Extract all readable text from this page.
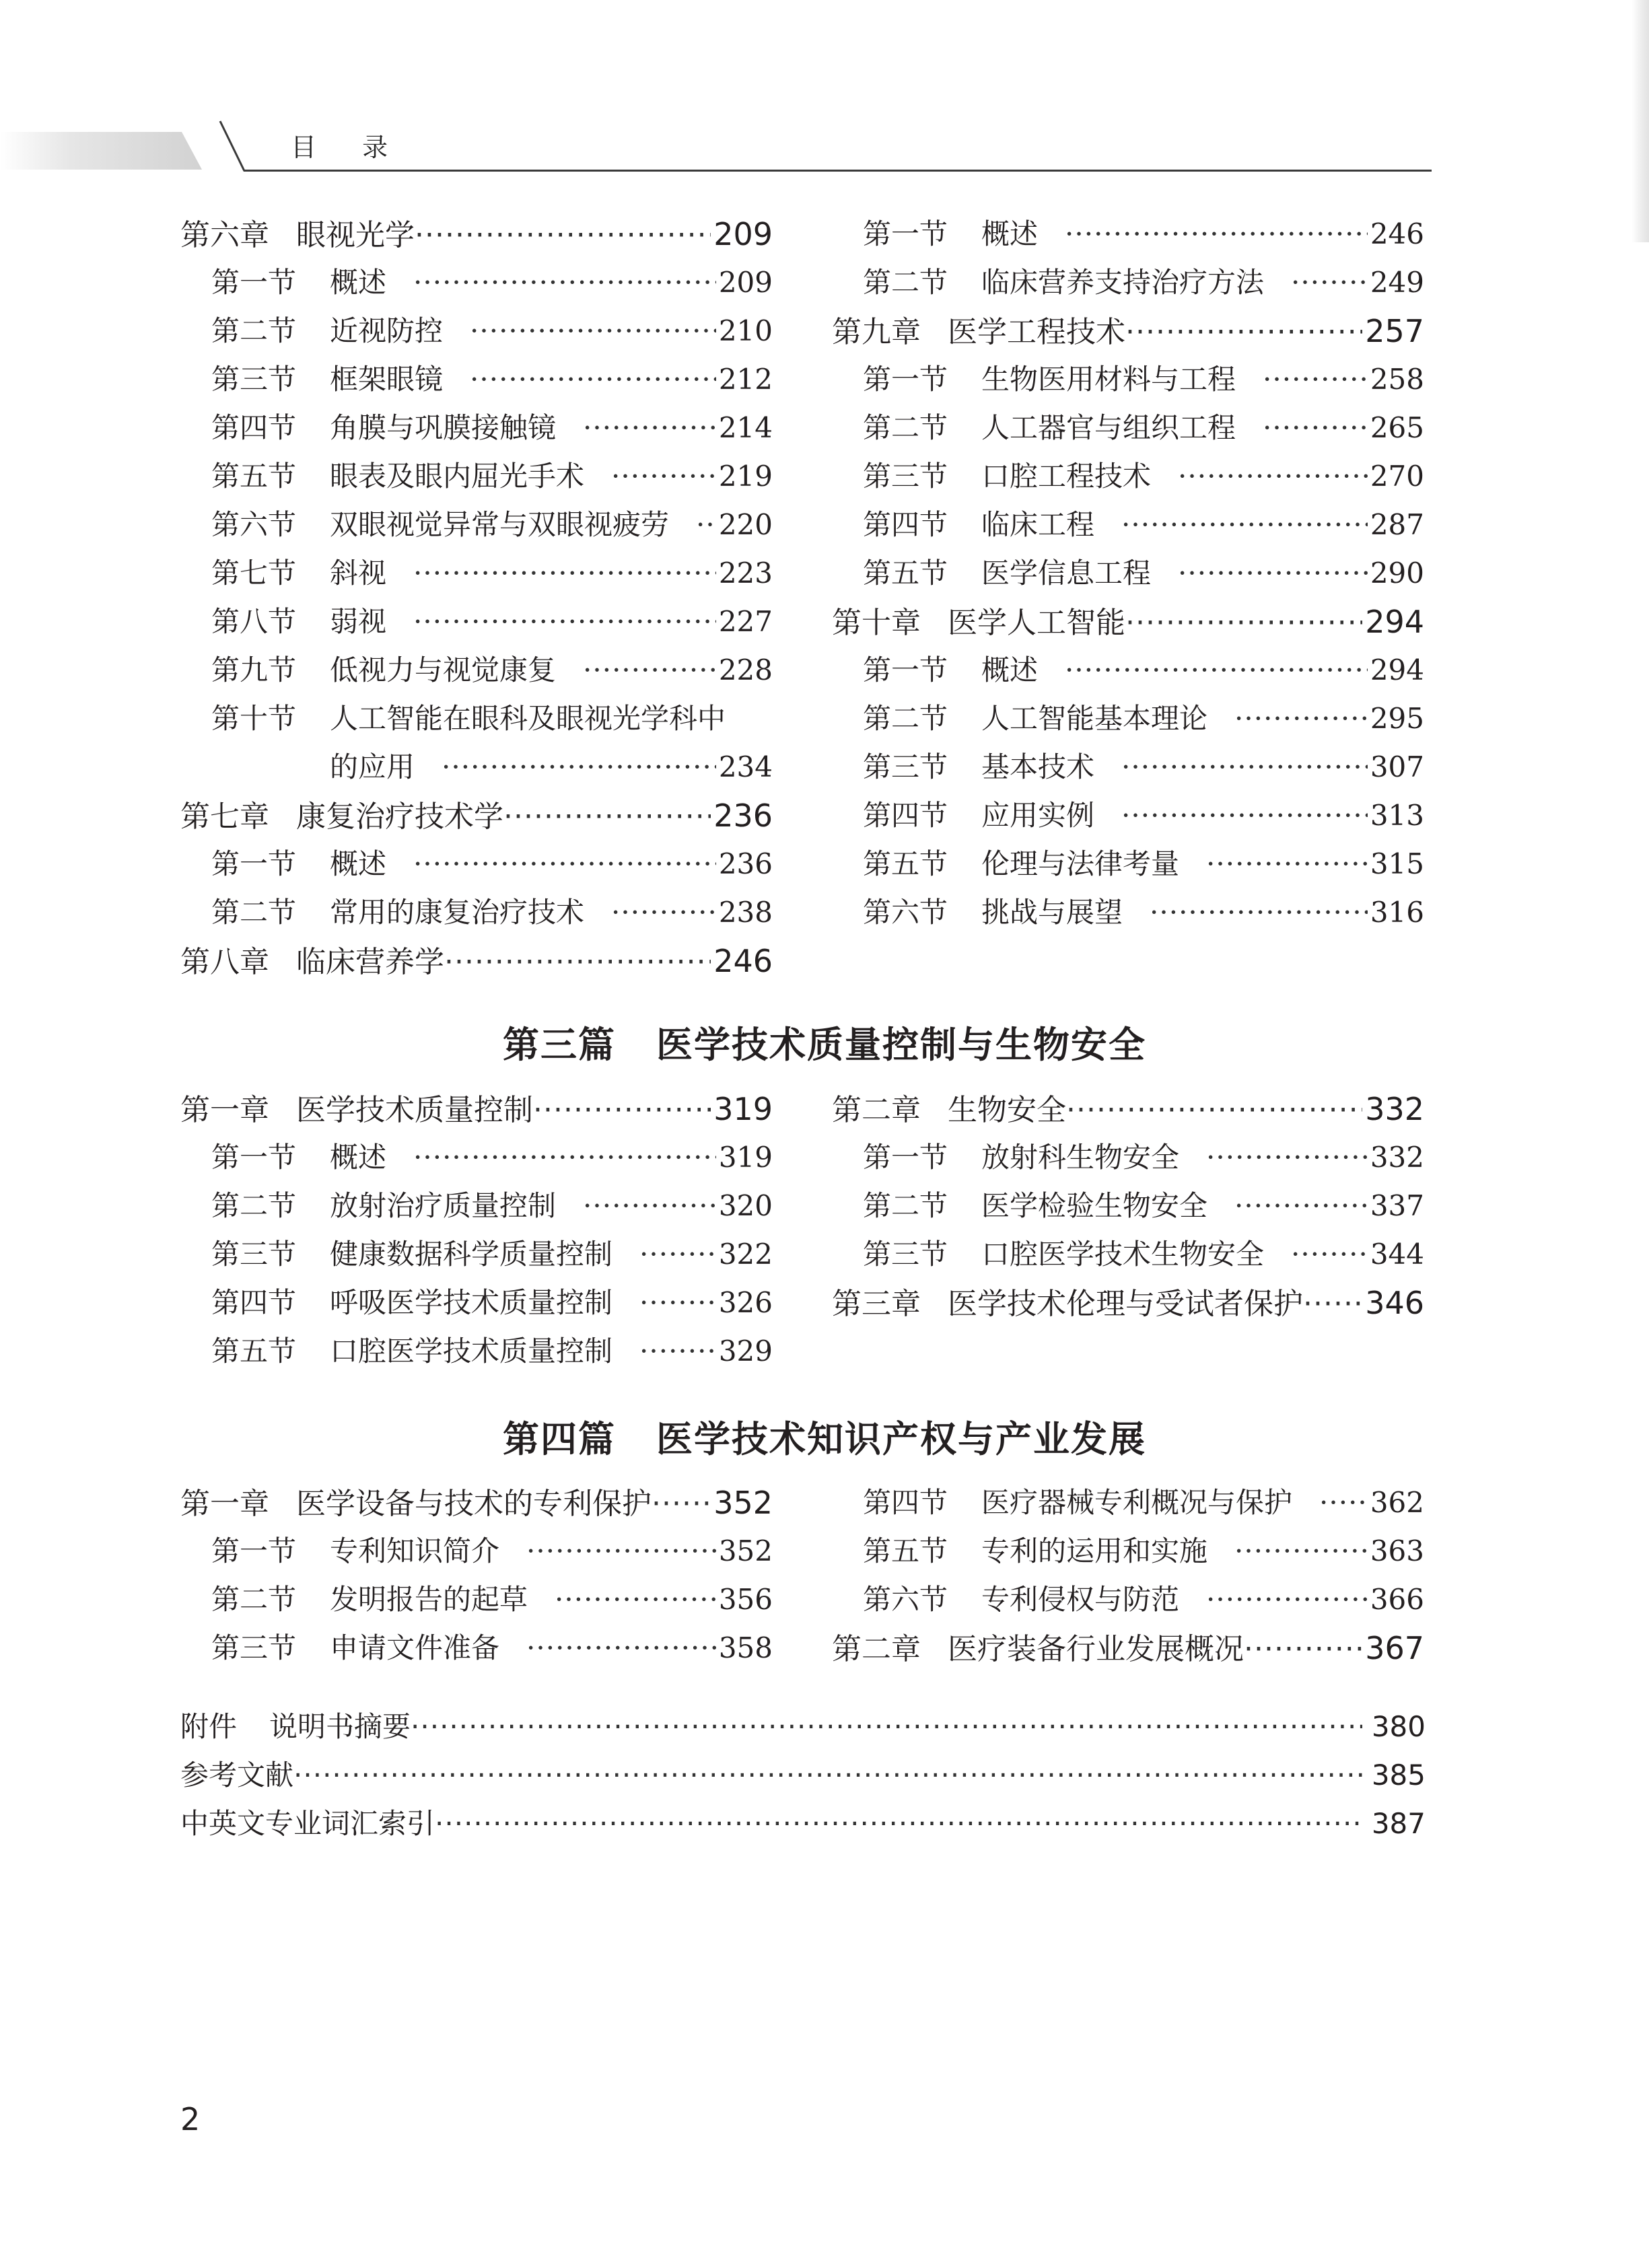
目 录
第六章 眼视光学 ·····	209
第一节	概述 ·····	209
第二节	近视防控 ·····	210
第三节	框架眼镜 ·····	212
第四节	角膜与巩膜接触镜 ·····	214
第五节	眼表及眼内屈光手术 ·····	219
第六节	双眼视觉异常与双眼视疲劳 ····· 220
第七节	斜视 ·····	223
第八节	弱视 ·····	227
第九节	低视力与视觉康复 ·····	228
第十节	人工智能在眼科及眼视光学科中
的应用 ·····	234
第七章 康复治疗技术学 ·····	236
第一节	概述 ·····	236
第二节	常用的康复治疗技术 ·····	238
第八章 临床营养学 ·····	246
第一节	概述 ·····	246
第二节	临床营养支持治疗方法 ·····	249
第九章 医学工程技术 ·····	257
第一节	生物医用材料与工程 ·····	258
第二节	人工器官与组织工程 ·····	265
第三节	口腔工程技术 ·····	270
第四节	临床工程 ·····	287
第五节	医学信息工程 ·····	290
第十章 医学人工智能 ·····	294
第一节	概述 ·····	294
第二节	人工智能基本理论 ·····	295
第三节	基本技术 ·····	307
第四节	应用实例 ·····	313
第五节	伦理与法律考量 ·····	315
第六节	挑战与展望 ·····	316
第三篇 医学技术质量控制与生物安全
第一章 医学技术质量控制 ·····	319
第一节	概述 ·····	319
第二节	放射治疗质量控制 ·····	320
第三节	健康数据科学质量控制 ·····	322
第四节	呼吸医学技术质量控制 ·····	326
第五节	口腔医学技术质量控制 ·····	329
第二章 生物安全 ·····	332
第一节	放射科生物安全 ·····	332
第二节	医学检验生物安全 ·····	337
第三节	口腔医学技术生物安全 ·····	344
第三章 医学技术伦理与受试者保护 ····· 346
第四篇 医学技术知识产权与产业发展
第一章 医学设备与技术的专利保护 ····· 352
第一节	专利知识简介 ·····	352
第二节	发明报告的起草 ·····	356
第三节	申请文件准备 ·····	358
第四节	医疗器械专利概况与保护 ·····	362
第五节	专利的运用和实施 ·····	363
第六节	专利侵权与防范 ·····	366
第二章 医疗装备行业发展概况 ·····	367
附件 说明书摘要 ·····	380
参考文献 ·····	385
中英文专业词汇索引 ·····	387
2
